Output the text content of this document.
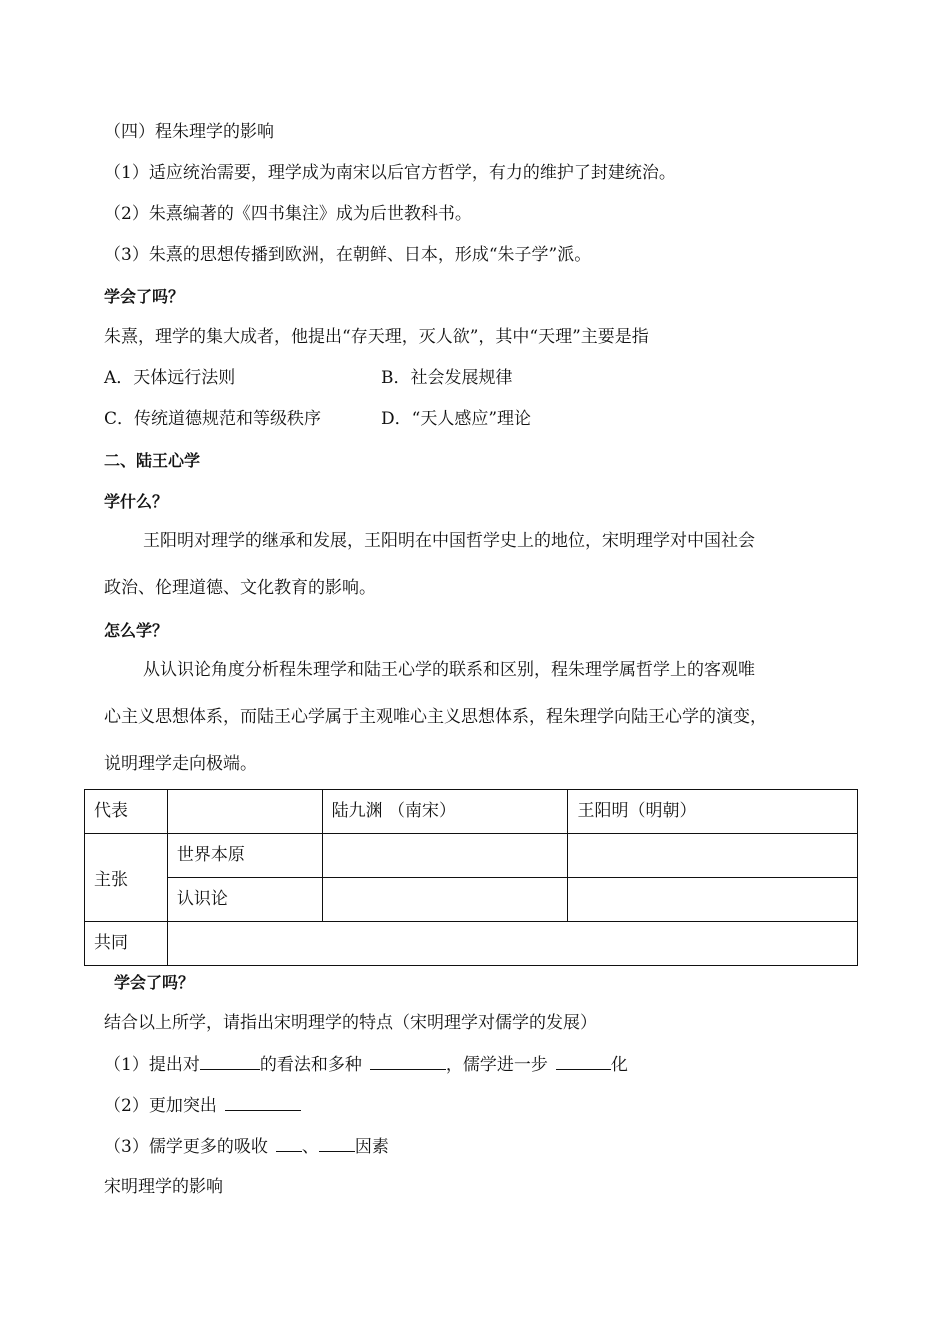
（四）程朱理学的影响
（1）适应统治需要，理学成为南宋以后官方哲学，有力的维护了封建统治。
（2）朱熹编著的《四书集注》成为后世教科书。
（3）朱熹的思想传播到欧洲，在朝鲜、日本，形成“朱子学”派。
学会了吗？
朱熹，理学的集大成者，他提出“存天理，灭人欲”，其中“天理”主要是指
A．天体远行法则	B．社会发展规律
C．传统道德规范和等级秩序	D．“天人感应”理论
二、陆王心学
学什么？
王阳明对理学的继承和发展，王阳明在中国哲学史上的地位，宋明理学对中国社会
政治、伦理道德、文化教育的影响。
怎么学？
从认识论角度分析程朱理学和陆王心学的联系和区别，程朱理学属哲学上的客观唯
心主义思想体系，而陆王心学属于主观唯心主义思想体系，程朱理学向陆王心学的演变，
说明理学走向极端。
代表		陆九渊 （南宋）	王阳明（明朝）
主张	世界本原		
	认识论		
共同			
学会了吗？
结合以上所学，请指出宋明理学的特点（宋明理学对儒学的发展）
（1）提出对	的看法和多种	，儒学进一步	化
（2）更加突出
（3）儒学更多的吸收 、 因素
宋明理学的影响
